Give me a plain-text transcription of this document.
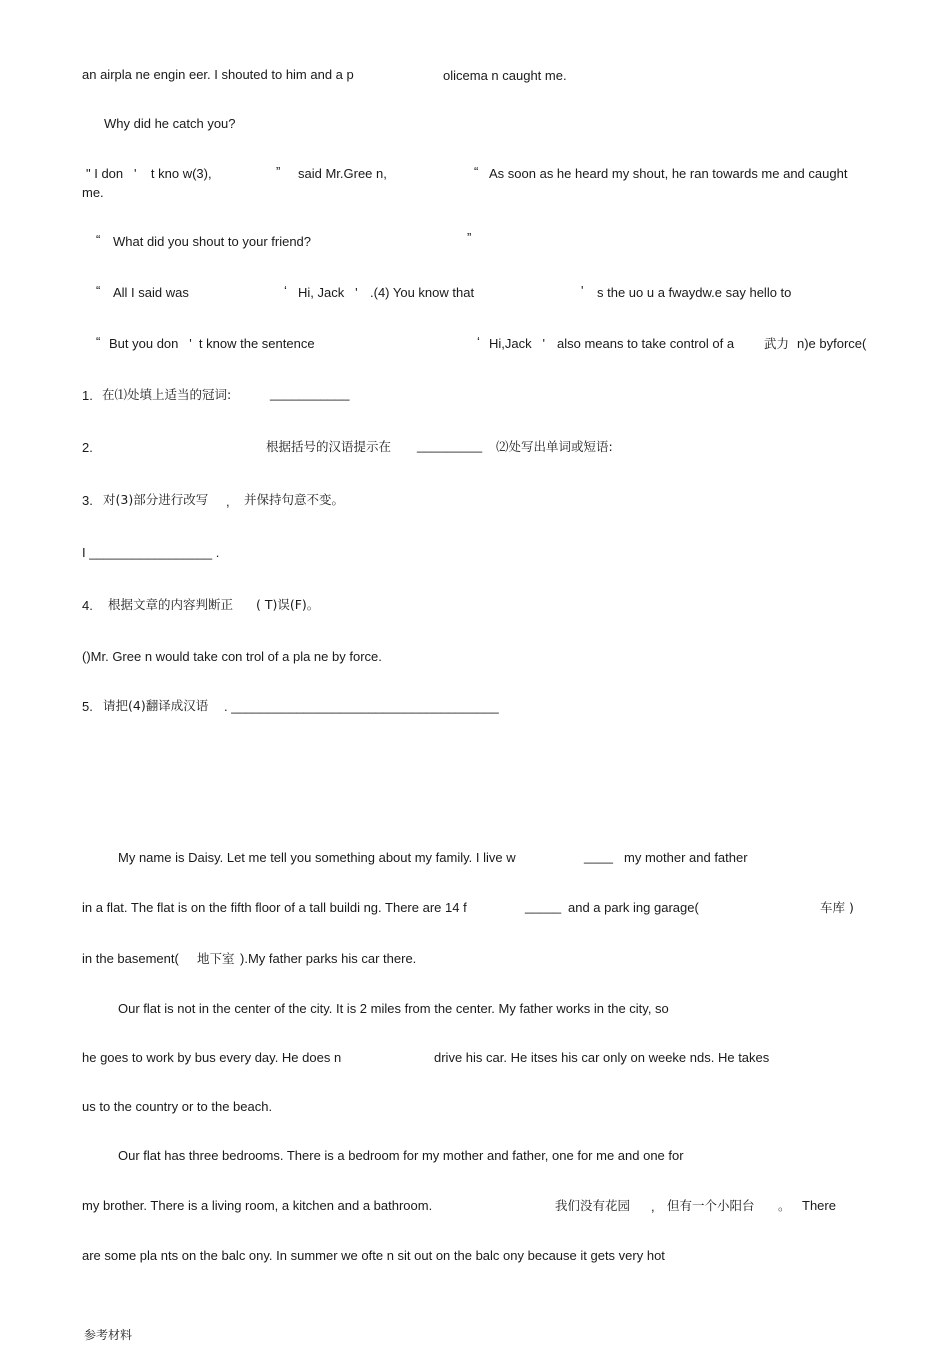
an airpla ne engin eer. I shouted to him and a p	olicema n caught me.
Why did he catch you?
" I don   '    t kno w(3),	” said Mr.Gree n,	“ As soon as he heard my shout, he ran towards me and caught
me.
“ What did you shout to your friend?	”
“ All I said was	‘ Hi, Jack   ' .(4) You know that	' s the uo u a fwaydw.e say hello to
“ But you don   '  t know the sentence	‘ Hi,Jack   ' also means to take control of a 武力 n)e byforce(
1. 在⑴处填上适当的冠词:	___________
2.	根据括号的汉语提示在 _________ ⑵处写出单词或短语:
3. 对(3)部分进行改写 , 并保持句意不变。
I _________________ .
4. 根据文章的内容判断正 ( T)误(F)。
()Mr. Gree n would take con trol of a pla ne by force.
5. 请把(4)翻译成汉语 . _____________________________________
My name is Daisy. Let me tell you something about my family. I live w	____ my mother and father
in a flat. The flat is on the fifth floor of a tall buildi ng. There are 14 f	_____ and a park ing garage(	车库 )
in the basement( 地下室 ).My father parks his car there.
Our flat is not in the center of the city. It is 2 miles from the center. My father works in the city, so
he goes to work by bus every day. He does n	drive his car. He itses his car only on weeke nds. He takes
us to the country or to the beach.
Our flat has three bedrooms. There is a bedroom for my mother and father, one for me and one for
my brother. There is a living room, a kitchen and a bathroom.	我们没有花园 , 但有一个小阳台 。 There
are some pla nts on the balc ony. In summer we ofte n sit out on the balc ony because it gets very hot
参考材料
